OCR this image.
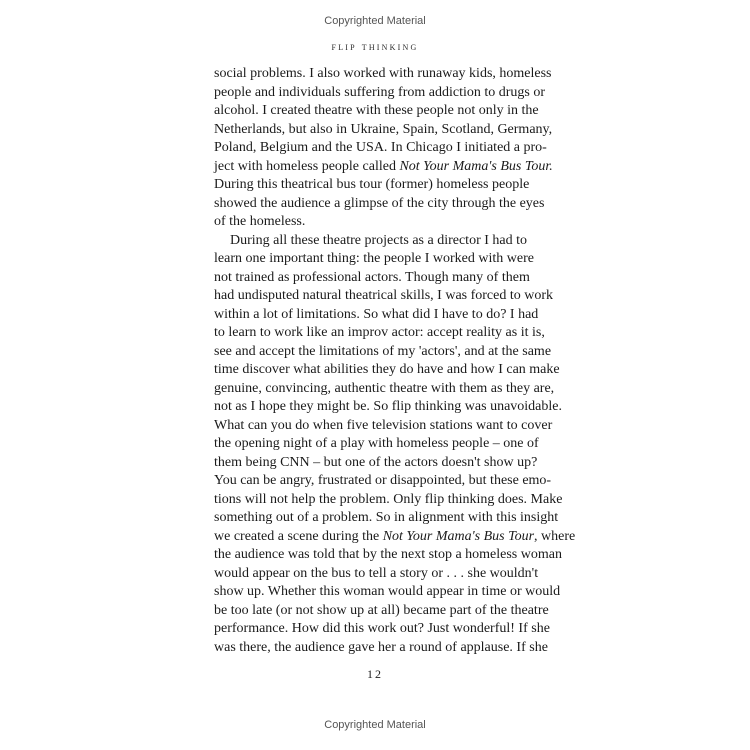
Copyrighted Material
flip thinking
social problems. I also worked with runaway kids, homeless
people and individuals suffering from addiction to drugs or
alcohol. I created theatre with these people not only in the
Netherlands, but also in Ukraine, Spain, Scotland, Germany,
Poland, Belgium and the USA. In Chicago I initiated a pro-
ject with homeless people called Not Your Mama's Bus Tour.
During this theatrical bus tour (former) homeless people
showed the audience a glimpse of the city through the eyes
of the homeless.
During all these theatre projects as a director I had to
learn one important thing: the people I worked with were
not trained as professional actors. Though many of them
had undisputed natural theatrical skills, I was forced to work
within a lot of limitations. So what did I have to do? I had
to learn to work like an improv actor: accept reality as it is,
see and accept the limitations of my 'actors', and at the same
time discover what abilities they do have and how I can make
genuine, convincing, authentic theatre with them as they are,
not as I hope they might be. So flip thinking was unavoidable.
What can you do when five television stations want to cover
the opening night of a play with homeless people – one of
them being CNN – but one of the actors doesn't show up?
You can be angry, frustrated or disappointed, but these emo-
tions will not help the problem. Only flip thinking does. Make
something out of a problem. So in alignment with this insight
we created a scene during the Not Your Mama's Bus Tour, where
the audience was told that by the next stop a homeless woman
would appear on the bus to tell a story or . . . she wouldn't
show up. Whether this woman would appear in time or would
be too late (or not show up at all) became part of the theatre
performance. How did this work out? Just wonderful! If she
was there, the audience gave her a round of applause. If she
12
Copyrighted Material
